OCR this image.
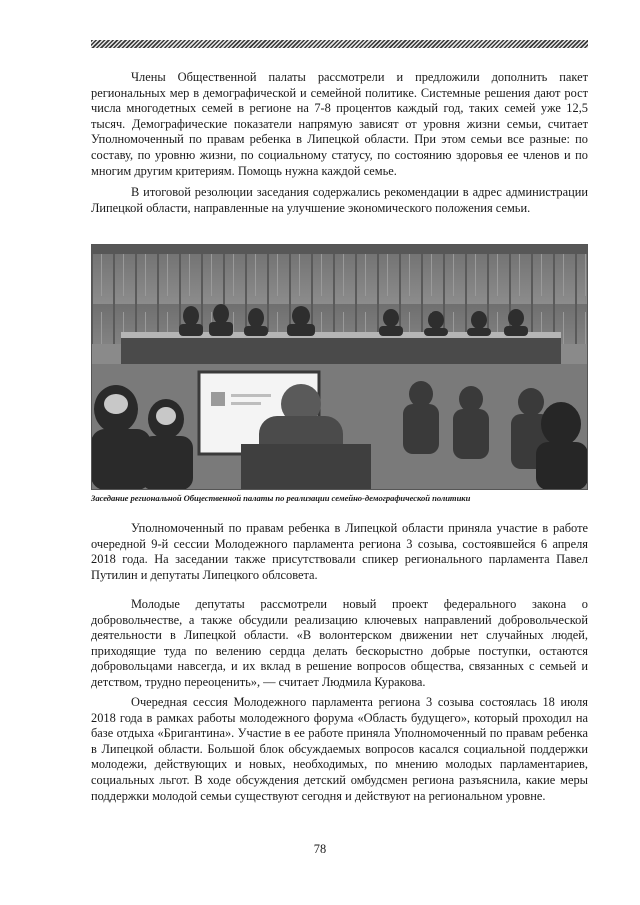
Члены Общественной палаты рассмотрели и предложили дополнить пакет региональных мер в демографической и семейной политике. Системные решения дают рост числа многодетных семей в регионе на 7-8 процентов каждый год, таких семей уже 12,5 тысяч. Демографические показатели напрямую зависят от уровня жизни семьи, считает Уполномоченный по правам ребенка в Липецкой области. При этом семьи все разные: по составу, по уровню жизни, по социальному статусу, по состоянию здоровья ее членов и по многим другим критериям. Помощь нужна каждой семье.

В итоговой резолюции заседания содержались рекомендации в адрес администрации Липецкой области, направленные на улучшение экономического положения семьи.

Заседание региональной Общественной палаты по реализации семейно-демографической политики

Уполномоченный по правам ребенка в Липецкой области приняла участие в работе очередной 9-й сессии Молодежного парламента региона 3 созыва, состоявшейся 6 апреля 2018 года. На заседании также присутствовали спикер регионального парламента Павел Путилин и депутаты Липецкого облсовета.

Молодые депутаты рассмотрели новый проект федерального закона о добровольчестве, а также обсудили реализацию ключевых направлений добровольческой деятельности в Липецкой области. «В волонтерском движении нет случайных людей, приходящие туда по велению сердца делать бескорыстно добрые поступки, остаются добровольцами навсегда, и их вклад в решение вопросов общества, связанных с семьей и детством, трудно переоценить», — считает Людмила Куракова.

Очередная сессия Молодежного парламента региона 3 созыва состоялась 18 июля 2018 года в рамках работы молодежного форума «Область будущего», который проходил на базе отдыха «Бригантина». Участие в ее работе приняла Уполномоченный по правам ребенка в Липецкой области. Большой блок обсуждаемых вопросов касался социальной поддержки молодежи, действующих и новых, необходимых, по мнению молодых парламентариев, социальных льгот. В ходе обсуждения детский омбудсмен региона разъяснила, какие меры поддержки молодой семьи существуют сегодня и действуют на региональном уровне.

78
